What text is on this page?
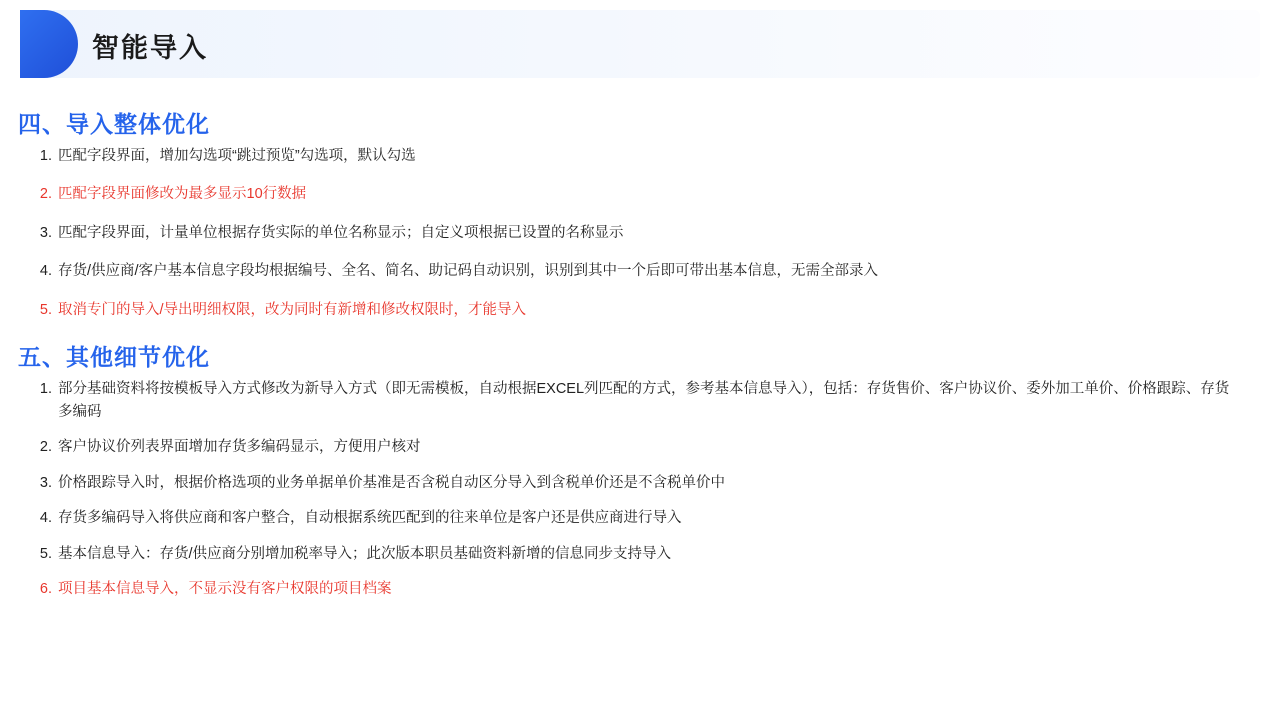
智能导入
四、导入整体优化
1. 匹配字段界面，增加勾选项“跳过预览”勾选项，默认勾选
2. 匹配字段界面修改为最多显示10行数据
3. 匹配字段界面，计量单位根据存货实际的单位名称显示；自定义项根据已设置的名称显示
4. 存货/供应商/客户基本信息字段均根据编号、全名、简名、助记码自动识别，识别到其中一个后即可带出基本信息，无需全部录入
5. 取消专门的导入/导出明细权限，改为同时有新增和修改权限时，才能导入
五、其他细节优化
1. 部分基础资料将按模板导入方式修改为新导入方式（即无需模板，自动根据EXCEL列匹配的方式，参考基本信息导入），包括：存货售价、客户协议价、委外加工单价、价格跟踪、存货多编码
2. 客户协议价列表界面增加存货多编码显示，方便用户核对
3. 价格跟踪导入时，根据价格选项的业务单据单价基准是否含税自动区分导入到含税单价还是不含税单价中
4. 存货多编码导入将供应商和客户整合，自动根据系统匹配到的往来单位是客户还是供应商进行导入
5. 基本信息导入：存货/供应商分别增加税率导入；此次版本职员基础资料新增的信息同步支持导入
6. 项目基本信息导入，不显示没有客户权限的项目档案
